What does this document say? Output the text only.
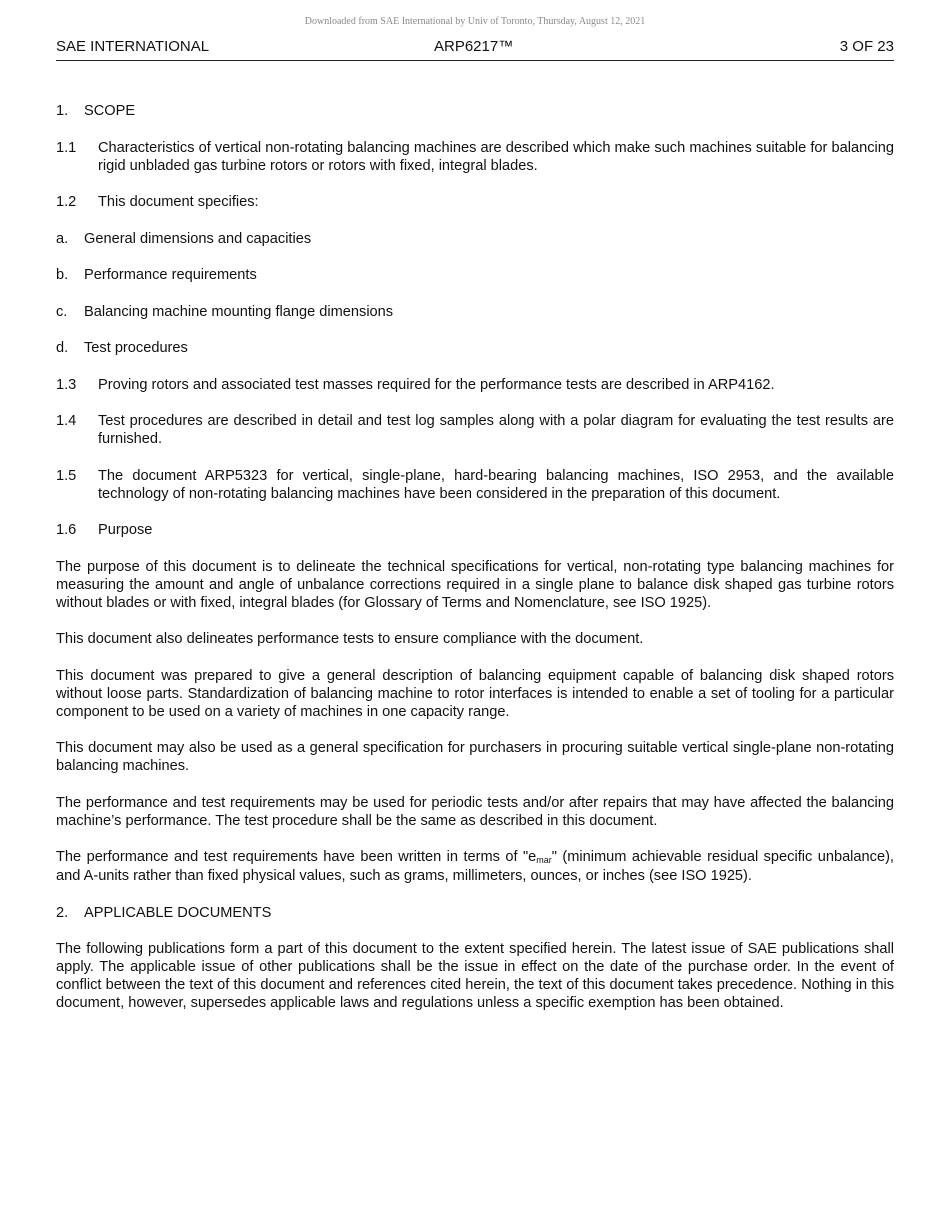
Downloaded from SAE International by Univ of Toronto, Thursday, August 12, 2021
SAE INTERNATIONAL	ARP6217™	3 OF 23
1.	SCOPE
1.1	Characteristics of vertical non-rotating balancing machines are described which make such machines suitable for balancing rigid unbladed gas turbine rotors or rotors with fixed, integral blades.
1.2	This document specifies:
a.	General dimensions and capacities
b.	Performance requirements
c.	Balancing machine mounting flange dimensions
d.	Test procedures
1.3	Proving rotors and associated test masses required for the performance tests are described in ARP4162.
1.4	Test procedures are described in detail and test log samples along with a polar diagram for evaluating the test results are furnished.
1.5	The document ARP5323 for vertical, single-plane, hard-bearing balancing machines, ISO 2953, and the available technology of non-rotating balancing machines have been considered in the preparation of this document.
1.6	Purpose

The purpose of this document is to delineate the technical specifications for vertical, non-rotating type balancing machines for measuring the amount and angle of unbalance corrections required in a single plane to balance disk shaped gas turbine rotors without blades or with fixed, integral blades (for Glossary of Terms and Nomenclature, see ISO 1925).

This document also delineates performance tests to ensure compliance with the document.

This document was prepared to give a general description of balancing equipment capable of balancing disk shaped rotors without loose parts. Standardization of balancing machine to rotor interfaces is intended to enable a set of tooling for a particular component to be used on a variety of machines in one capacity range.

This document may also be used as a general specification for purchasers in procuring suitable vertical single-plane non-rotating balancing machines.

The performance and test requirements may be used for periodic tests and/or after repairs that may have affected the balancing machine’s performance. The test procedure shall be the same as described in this document.

The performance and test requirements have been written in terms of "$e_{mar}$" (minimum achievable residual specific unbalance), and A-units rather than fixed physical values, such as grams, millimeters, ounces, or inches (see ISO 1925).

2.	APPLICABLE DOCUMENTS

The following publications form a part of this document to the extent specified herein. The latest issue of SAE publications shall apply. The applicable issue of other publications shall be the issue in effect on the date of the purchase order. In the event of conflict between the text of this document and references cited herein, the text of this document takes precedence. Nothing in this document, however, supersedes applicable laws and regulations unless a specific exemption has been obtained.
